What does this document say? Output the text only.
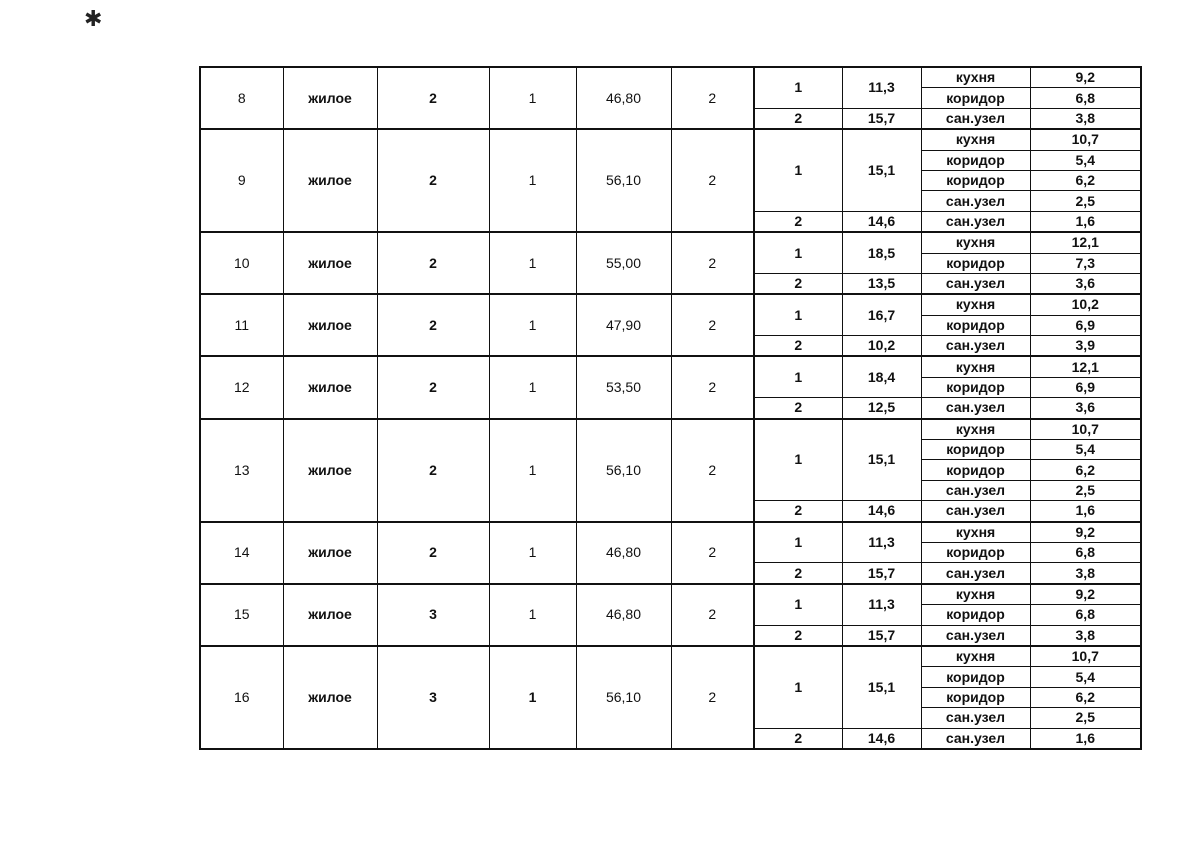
✱
8	жилое	2	1	46,80	2	1	11,3	кухня	9,2
								коридор	6,8
						2	15,7	сан.узел	3,8
9	жилое	2	1	56,10	2	1	15,1	кухня	10,7
								коридор	5,4
								коридор	6,2
								сан.узел	2,5
						2	14,6	сан.узел	1,6
10	жилое	2	1	55,00	2	1	18,5	кухня	12,1
								коридор	7,3
						2	13,5	сан.узел	3,6
11	жилое	2	1	47,90	2	1	16,7	кухня	10,2
								коридор	6,9
						2	10,2	сан.узел	3,9
12	жилое	2	1	53,50	2	1	18,4	кухня	12,1
								коридор	6,9
						2	12,5	сан.узел	3,6
13	жилое	2	1	56,10	2	1	15,1	кухня	10,7
								коридор	5,4
								коридор	6,2
								сан.узел	2,5
						2	14,6	сан.узел	1,6
14	жилое	2	1	46,80	2	1	11,3	кухня	9,2
								коридор	6,8
						2	15,7	сан.узел	3,8
15	жилое	3	1	46,80	2	1	11,3	кухня	9,2
								коридор	6,8
						2	15,7	сан.узел	3,8
16	жилое	3	1	56,10	2	1	15,1	кухня	10,7
								коридор	5,4
								коридор	6,2
								сан.узел	2,5
						2	14,6	сан.узел	1,6
